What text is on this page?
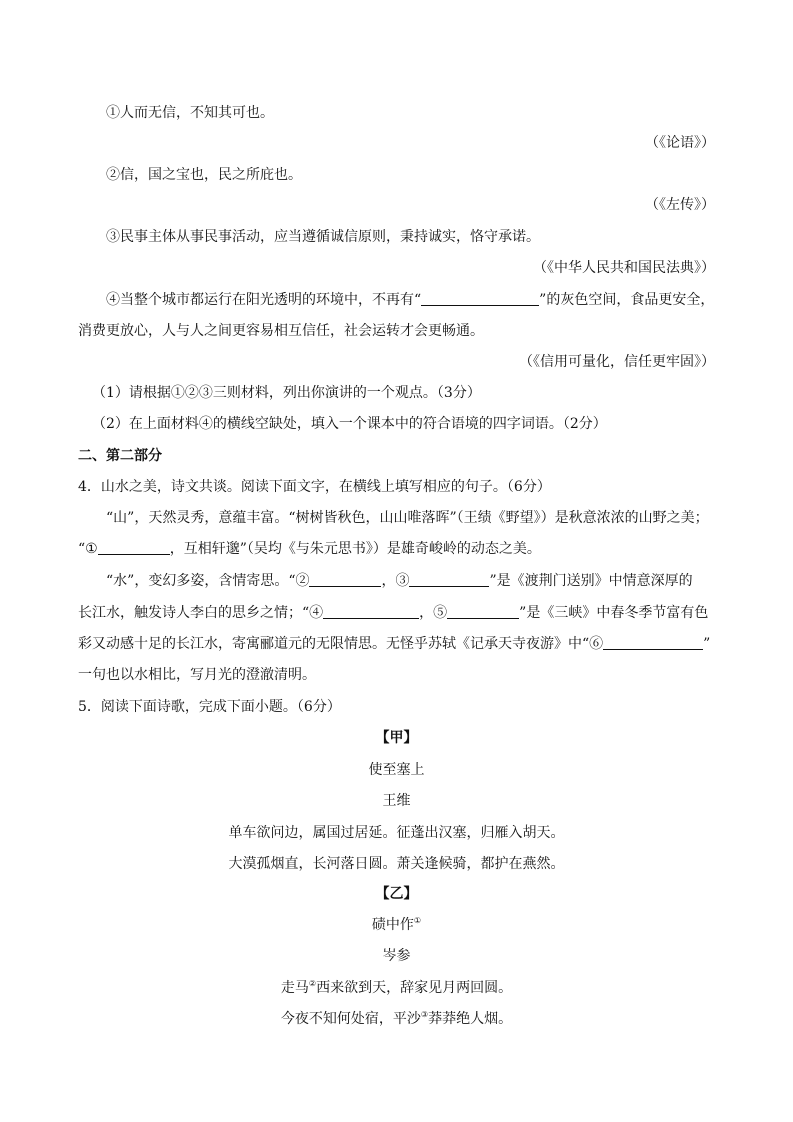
①人而无信，不知其可也。
（《论语》）
②信，国之宝也，民之所庇也。
（《左传》）
③民事主体从事民事活动，应当遵循诚信原则，秉持诚实，恪守承诺。
（《中华人民共和国民法典》）
④当整个城市都运行在阳光透明的环境中，不再有“	”的灰色空间，食品更安全，
消费更放心，人与人之间更容易相互信任，社会运转才会更畅通。
（《信用可量化，信任更牢固》）
（1）请根据①②③三则材料，列出你演讲的一个观点。（3分）
（2）在上面材料④的横线空缺处，填入一个课本中的符合语境的四字词语。（2分）
二、第二部分
4．山水之美，诗文共谈。阅读下面文字，在横线上填写相应的句子。（6分）
“山”，天然灵秀，意蕴丰富。“树树皆秋色，山山唯落晖”（王绩《野望》）是秋意浓浓的山野之美；
“①	，互相轩邈”（吴均《与朱元思书》）是雄奇峻岭的动态之美。
“水”，变幻多姿，含情寄思。“②	，③	”是《渡荆门送别》中情意深厚的
长江水，触发诗人李白的思乡之情；“④	，⑤	”是《三峡》中春冬季节富有色
彩又动感十足的长江水，寄寓郦道元的无限情思。无怪乎苏轼《记承天寺夜游》中“⑥	”
一句也以水相比，写月光的澄澈清明。
5．阅读下面诗歌，完成下面小题。（6分）
【甲】
使至塞上
王维
单车欲问边，属国过居延。征蓬出汉塞，归雁入胡天。
大漠孤烟直，长河落日圆。萧关逢候骑，都护在燕然。
【乙】
碛中作①
岑参
走马②西来欲到天，辞家见月两回圆。
今夜不知何处宿，平沙③莽莽绝人烟。
